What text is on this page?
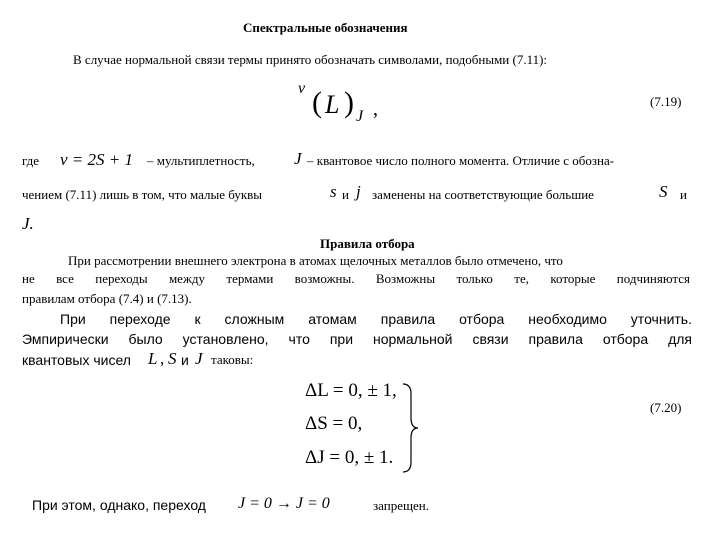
Спектральные обозначения
В случае нормальной связи термы принято обозначать символами, подобными (7.11):
ν ( L ) J ,	(7.19)
где ν = 2S + 1 – мультиплетность, J – квантовое число полного момента. Отличие с обозна-
чением (7.11) лишь в том, что малые буквы	s и j заменены на соответствующие большие	S и
J.
Правила отбора
При рассмотрении внешнего электрона в атомах щелочных металлов было отмечено, что
не все переходы между термами возможны. Возможны только те, которые подчиняются
правилам отбора (7.4) и (7.13).
При переходе к сложным атомам правила отбора необходимо уточнить.
Эмпирически было установлено, что при нормальной связи правила отбора для
квантовых чисел L , S и J таковы:
ΔL = 0, ± 1,
ΔS = 0,
ΔJ = 0, ± 1.
(7.20)
При этом, однако, переход J = 0 → J = 0	запрещен.
